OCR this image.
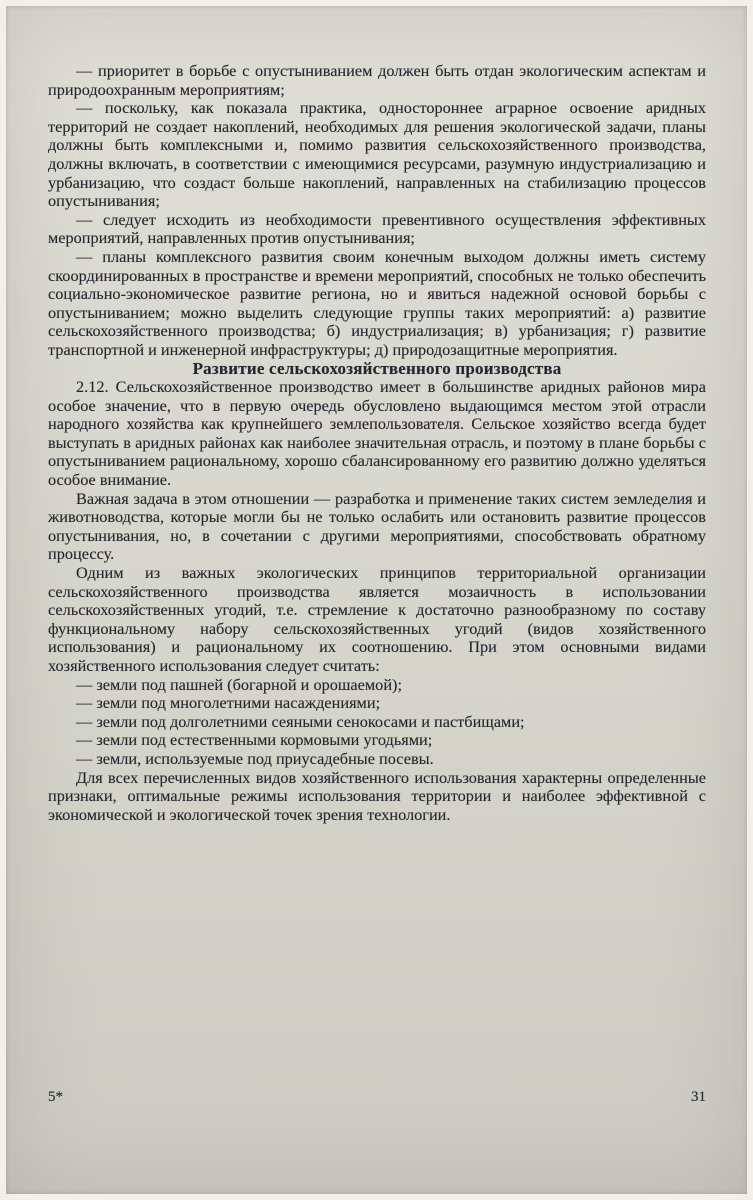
— приоритет в борьбе с опустыниванием должен быть отдан экологическим аспектам и природоохранным мероприятиям;

— поскольку, как показала практика, одностороннее аграрное освоение аридных территорий не создает накоплений, необходимых для решения экологической задачи, планы должны быть комплексными и, помимо развития сельскохозяйственного производства, должны включать, в соответствии с имеющимися ресурсами, разумную индустриализацию и урбанизацию, что создаст больше накоплений, направленных на стабилизацию процессов опустынивания;

— следует исходить из необходимости превентивного осуществления эффективных мероприятий, направленных против опустынивания;

— планы комплексного развития своим конечным выходом должны иметь систему скоординированных в пространстве и времени мероприятий, способных не только обеспечить социально-экономическое развитие региона, но и явиться надежной основой борьбы с опустыниванием; можно выделить следующие группы таких мероприятий: а) развитие сельскохозяйственного производства; б) индустриализация; в) урбанизация; г) развитие транспортной и инженерной инфраструктуры; д) природозащитные мероприятия.

Развитие сельскохозяйственного производства

2.12. Сельскохозяйственное производство имеет в большинстве аридных районов мира особое значение, что в первую очередь обусловлено выдающимся местом этой отрасли народного хозяйства как крупнейшего землепользователя. Сельское хозяйство всегда будет выступать в аридных районах как наиболее значительная отрасль, и поэтому в плане борьбы с опустыниванием рациональному, хорошо сбалансированному его развитию должно уделяться особое внимание.

Важная задача в этом отношении — разработка и применение таких систем земледелия и животноводства, которые могли бы не только ослабить или остановить развитие процессов опустынивания, но, в сочетании с другими мероприятиями, способствовать обратному процессу.

Одним из важных экологических принципов территориальной организации сельскохозяйственного производства является мозаичность в использовании сельскохозяйственных угодий, т.е. стремление к достаточно разнообразному по составу функциональному набору сельскохозяйственных угодий (видов хозяйственного использования) и рациональному их соотношению. При этом основными видами хозяйственного использования следует считать:

— земли под пашней (богарной и орошаемой);

— земли под многолетними насаждениями;

— земли под долголетними сеяными сенокосами и пастбищами;

— земли под естественными кормовыми угодьями;

— земли, используемые под приусадебные посевы.

Для всех перечисленных видов хозяйственного использования характерны определенные признаки, оптимальные режимы использования территории и наиболее эффективной с экономической и экологической точек зрения технологии.

5*	31
